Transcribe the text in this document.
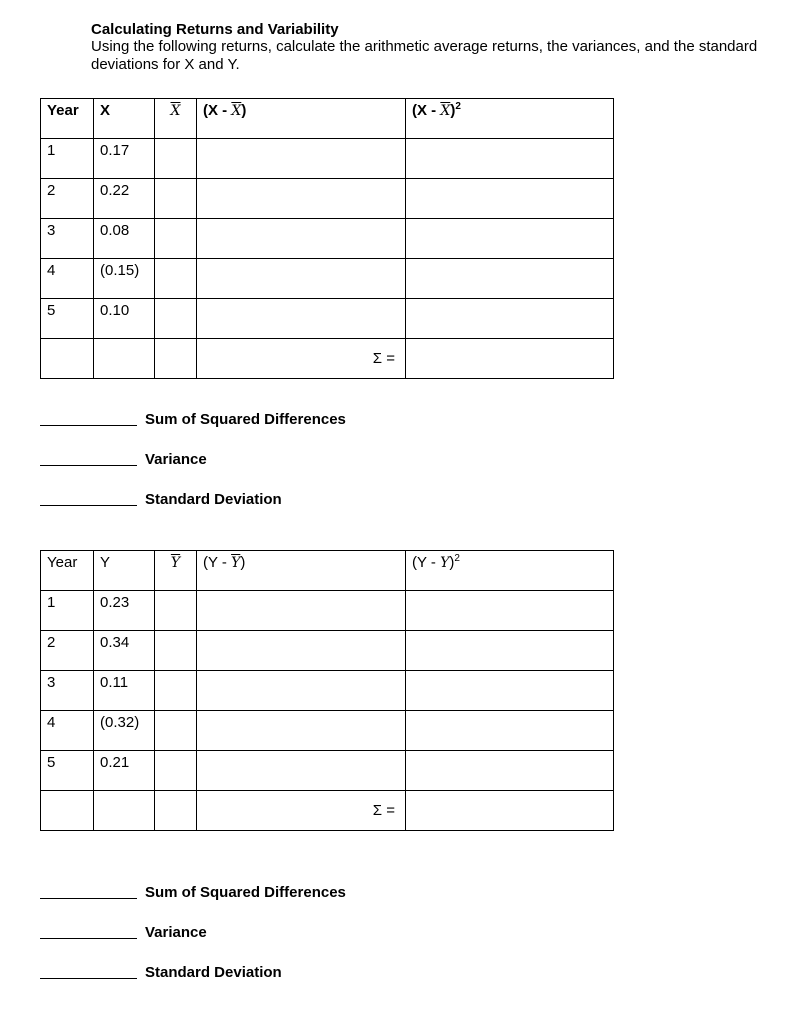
Calculating Returns and Variability

Using the following returns, calculate the arithmetic average returns, the variances, and the standard deviations for X and Y.

Year	X	$\overline{X}$	$(X - \overline{X})$	$(X - \overline{X})^2$
1	0.17			
2	0.22			
3	0.08			
4	(0.15)			
5	0.10			
			Σ =	
Sum of Squared Differences
Variance
Standard Deviation
Year	Y	$\overline{Y}$	$(Y - \overline{Y})$	(Y - Y)$^2$
1	0.23			
2	0.34			
3	0.11			
4	(0.32)			
5	0.21			
			Σ =	
Sum of Squared Differences
Variance
Standard Deviation
